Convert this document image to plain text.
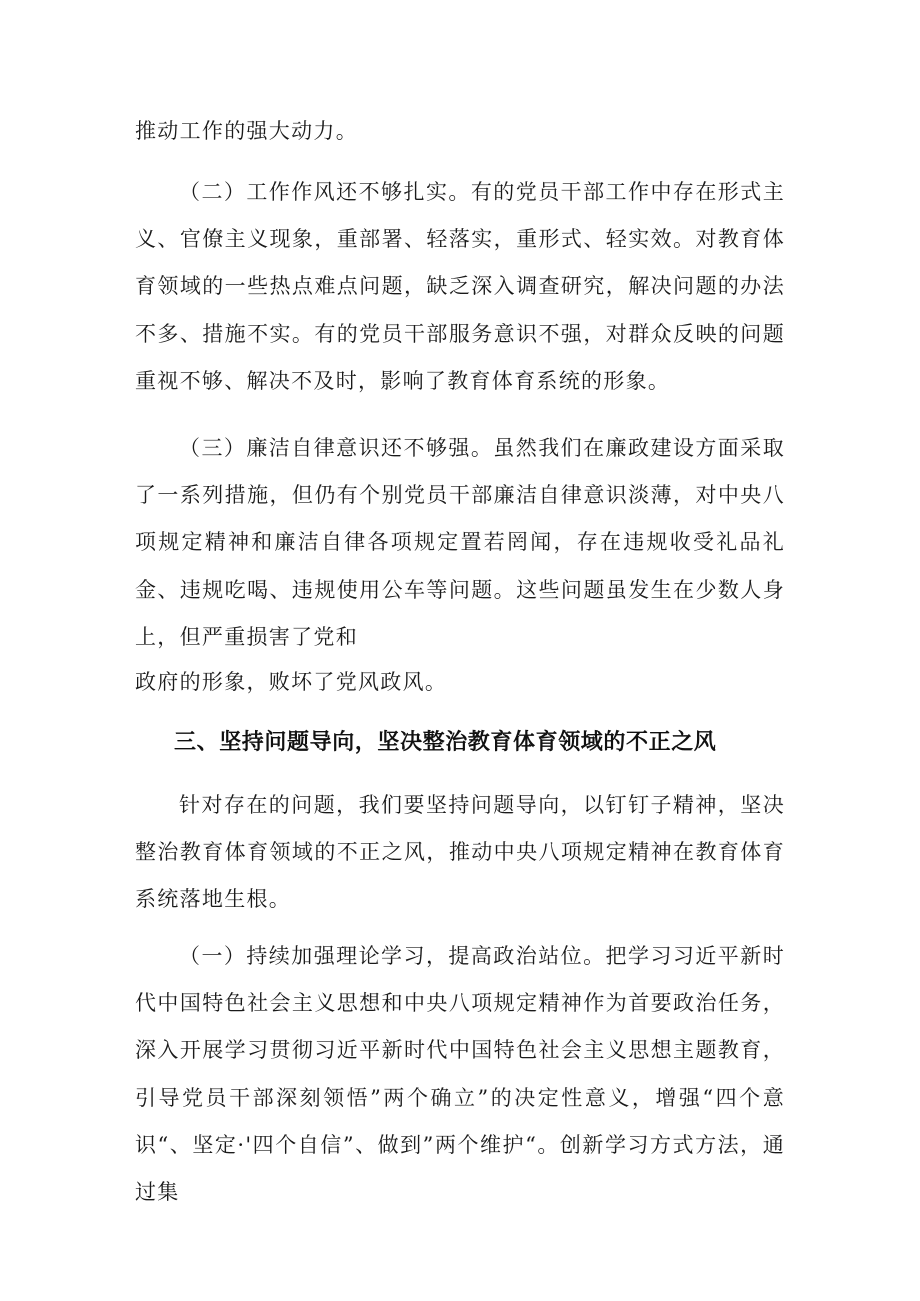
推动工作的强大动力。

（二）工作作风还不够扎实。有的党员干部工作中存在形式主义、官僚主义现象，重部署、轻落实，重形式、轻实效。对教育体育领域的一些热点难点问题，缺乏深入调查研究，解决问题的办法不多、措施不实。有的党员干部服务意识不强，对群众反映的问题重视不够、解决不及时，影响了教育体育系统的形象。

（三）廉洁自律意识还不够强。虽然我们在廉政建设方面采取了一系列措施，但仍有个别党员干部廉洁自律意识淡薄，对中央八项规定精神和廉洁自律各项规定置若罔闻，存在违规收受礼品礼金、违规吃喝、违规使用公车等问题。这些问题虽发生在少数人身上，但严重损害了党和

政府的形象，败坏了党风政风。

三、坚持问题导向，坚决整治教育体育领域的不正之风

针对存在的问题，我们要坚持问题导向，以钉钉子精神，坚决整治教育体育领域的不正之风，推动中央八项规定精神在教育体育系统落地生根。

（一）持续加强理论学习，提高政治站位。把学习习近平新时代中国特色社会主义思想和中央八项规定精神作为首要政治任务，深入开展学习贯彻习近平新时代中国特色社会主义思想主题教育，引导党员干部深刻领悟”两个确立”的决定性意义，增强“四个意识“、坚定·'四个自信”、做到”两个维护“。创新学习方式方法，通过集
